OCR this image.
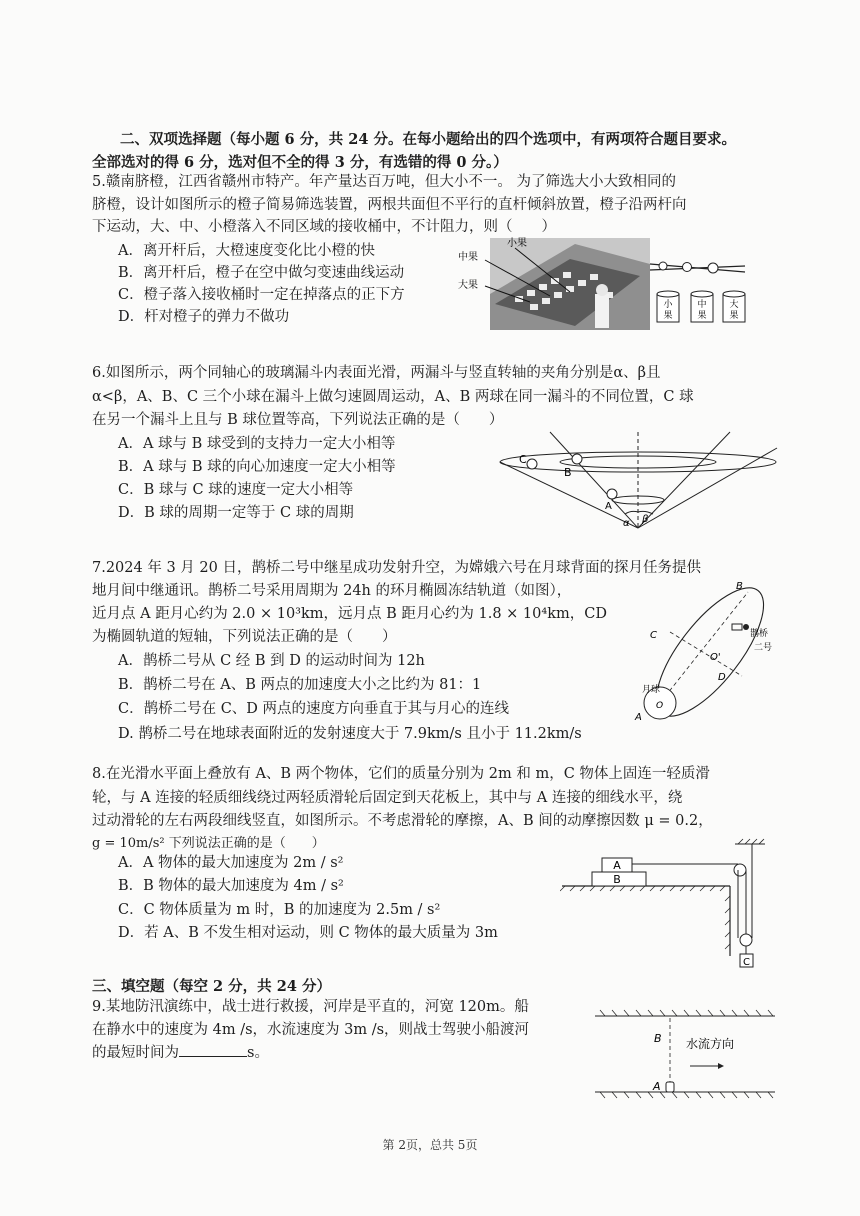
二、双项选择题（每小题 6 分，共 24 分。在每小题给出的四个选项中，有两项符合题目要求。
全部选对的得 6 分，选对但不全的得 3 分，有选错的得 0 分。）
5.赣南脐橙，江西省赣州市特产。年产量达百万吨，但大小不一。 为了筛选大小大致相同的
脐橙，设计如图所示的橙子简易筛选装置，两根共面但不平行的直杆倾斜放置，橙子沿两杆向
下运动，大、中、小橙落入不同区域的接收桶中，不计阻力，则（　　）
A．离开杆后，大橙速度变化比小橙的快
B．离开杆后，橙子在空中做匀变速曲线运动
C．橙子落入接收桶时一定在掉落点的正下方
D．杆对橙子的弹力不做功
小果
中果
大果
小
果
中
果
大
果
6.如图所示，两个同轴心的玻璃漏斗内表面光滑，两漏斗与竖直转轴的夹角分别是α、β且
α<β，A、B、C 三个小球在漏斗上做匀速圆周运动，A、B 两球在同一漏斗的不同位置，C 球
在另一个漏斗上且与 B 球位置等高，下列说法正确的是（　　）
A．A 球与 B 球受到的支持力一定大小相等
B．A 球与 B 球的向心加速度一定大小相等
C．B 球与 C 球的速度一定大小相等
D．B 球的周期一定等于 C 球的周期
C
B
A
α β
7.2024 年 3 月 20 日，鹊桥二号中继星成功发射升空，为嫦娥六号在月球背面的探月任务提供
地月间中继通讯。鹊桥二号采用周期为 24h 的环月椭圆冻结轨道（如图），
近月点 A 距月心约为 2.0 × 10³km，远月点 B 距月心约为 1.8 × 10⁴km，CD
为椭圆轨道的短轴，下列说法正确的是（　　）
A．鹊桥二号从 C 经 B 到 D 的运动时间为 12h
B．鹊桥二号在 A、B 两点的加速度大小之比约为 81：1
C．鹊桥二号在 C、D 两点的速度方向垂直于其与月心的连线
D. 鹊桥二号在地球表面附近的发射速度大于 7.9km/s 且小于 11.2km/s
B
C
O'
D
鹊桥
二号
月球
O
A
8.在光滑水平面上叠放有 A、B 两个物体，它们的质量分别为 2m 和 m，C 物体上固连一轻质滑
轮，与 A 连接的轻质细线绕过两轻质滑轮后固定到天花板上，其中与 A 连接的细线水平，绕
过动滑轮的左右两段细线竖直，如图所示。不考虑滑轮的摩擦，A、B 间的动摩擦因数 μ = 0.2，
g = 10m/s² 下列说法正确的是（　　）
A．A 物体的最大加速度为 2m / s²
B．B 物体的最大加速度为 4m / s²
C．C 物体质量为 m 时，B 的加速度为 2.5m / s²
D．若 A、B 不发生相对运动，则 C 物体的最大质量为 3m
B
A
C
三、填空题（每空 2 分，共 24 分）
9.某地防汛演练中，战士进行救援，河岸是平直的，河宽 120m。船
在静水中的速度为 4m /s，水流速度为 3m /s，则战士驾驶小船渡河
的最短时间为	s。
B
A
水流方向
第 2页，总共 5页
